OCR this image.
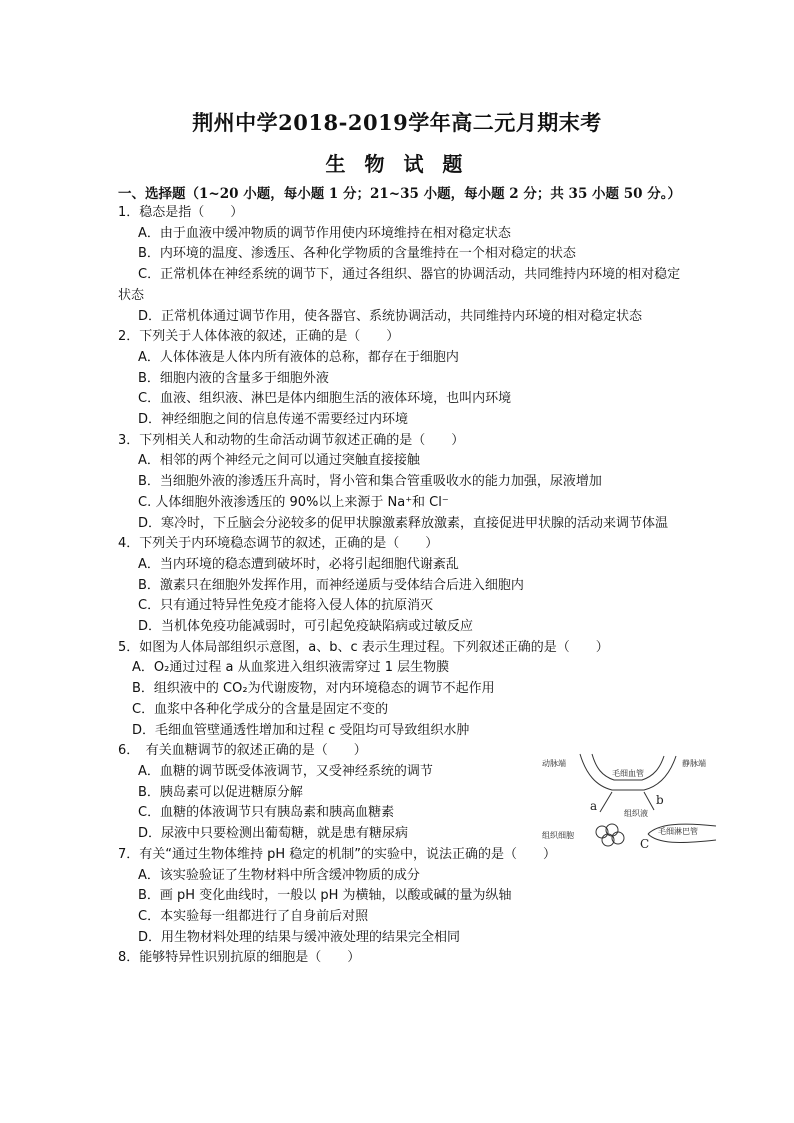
荆州中学2018-2019学年高二元月期末考
生 物 试 题
一、选择题（1~20 小题，每小题 1 分；21~35 小题，每小题 2 分；共 35 小题 50 分。）

1．稳态是指（　　）

A．由于血液中缓冲物质的调节作用使内环境维持在相对稳定状态

B．内环境的温度、渗透压、各种化学物质的含量维持在一个相对稳定的状态

C．正常机体在神经系统的调节下，通过各组织、器官的协调活动，共同维持内环境的相对稳定状态

D．正常机体通过调节作用，使各器官、系统协调活动，共同维持内环境的相对稳定状态

2．下列关于人体体液的叙述，正确的是（　　）

A．人体体液是人体内所有液体的总称，都存在于细胞内

B．细胞内液的含量多于细胞外液

C．血液、组织液、淋巴是体内细胞生活的液体环境，也叫内环境

D．神经细胞之间的信息传递不需要经过内环境

3．下列相关人和动物的生命活动调节叙述正确的是（　　）

A．相邻的两个神经元之间可以通过突触直接接触

B．当细胞外液的渗透压升高时，肾小管和集合管重吸收水的能力加强，尿液增加

C. 人体细胞外液渗透压的 90%以上来源于 Na⁺和 Cl⁻

D．寒冷时，下丘脑会分泌较多的促甲状腺激素释放激素，直接促进甲状腺的活动来调节体温

4．下列关于内环境稳态调节的叙述，正确的是（　　）

A．当内环境的稳态遭到破坏时，必将引起细胞代谢紊乱

B．激素只在细胞外发挥作用，而神经递质与受体结合后进入细胞内

C．只有通过特异性免疫才能将入侵人体的抗原消灭

D．当机体免疫功能减弱时，可引起免疫缺陷病或过敏反应

5．如图为人体局部组织示意图，a、b、c 表示生理过程。下列叙述正确的是（　　）

A．O₂通过过程 a 从血浆进入组织液需穿过 1 层生物膜

B．组织液中的 CO₂为代谢废物，对内环境稳态的调节不起作用

C．血浆中各种化学成分的含量是固定不变的

D．毛细血管壁通透性增加和过程 c 受阻均可导致组织水肿

6．　有关血糖调节的叙述正确的是（　　）

A．血糖的调节既受体液调节，又受神经系统的调节

B．胰岛素可以促进糖原分解

C．血糖的体液调节只有胰岛素和胰高血糖素

D．尿液中只要检测出葡萄糖，就是患有糖尿病

7．有关“通过生物体维持 pH 稳定的机制”的实验中，说法正确的是（　　）

A．该实验验证了生物材料中所含缓冲物质的成分

B．画 pH 变化曲线时，一般以 pH 为横轴，以酸或碱的量为纵轴

C．本实验每一组都进行了自身前后对照

D．用生物材料处理的结果与缓冲液处理的结果完全相同

8．能够特异性识别抗原的细胞是（　　）

动脉端	静脉端
毛细血管
组织液
组织细胞	毛细淋巴管
a	b
C
